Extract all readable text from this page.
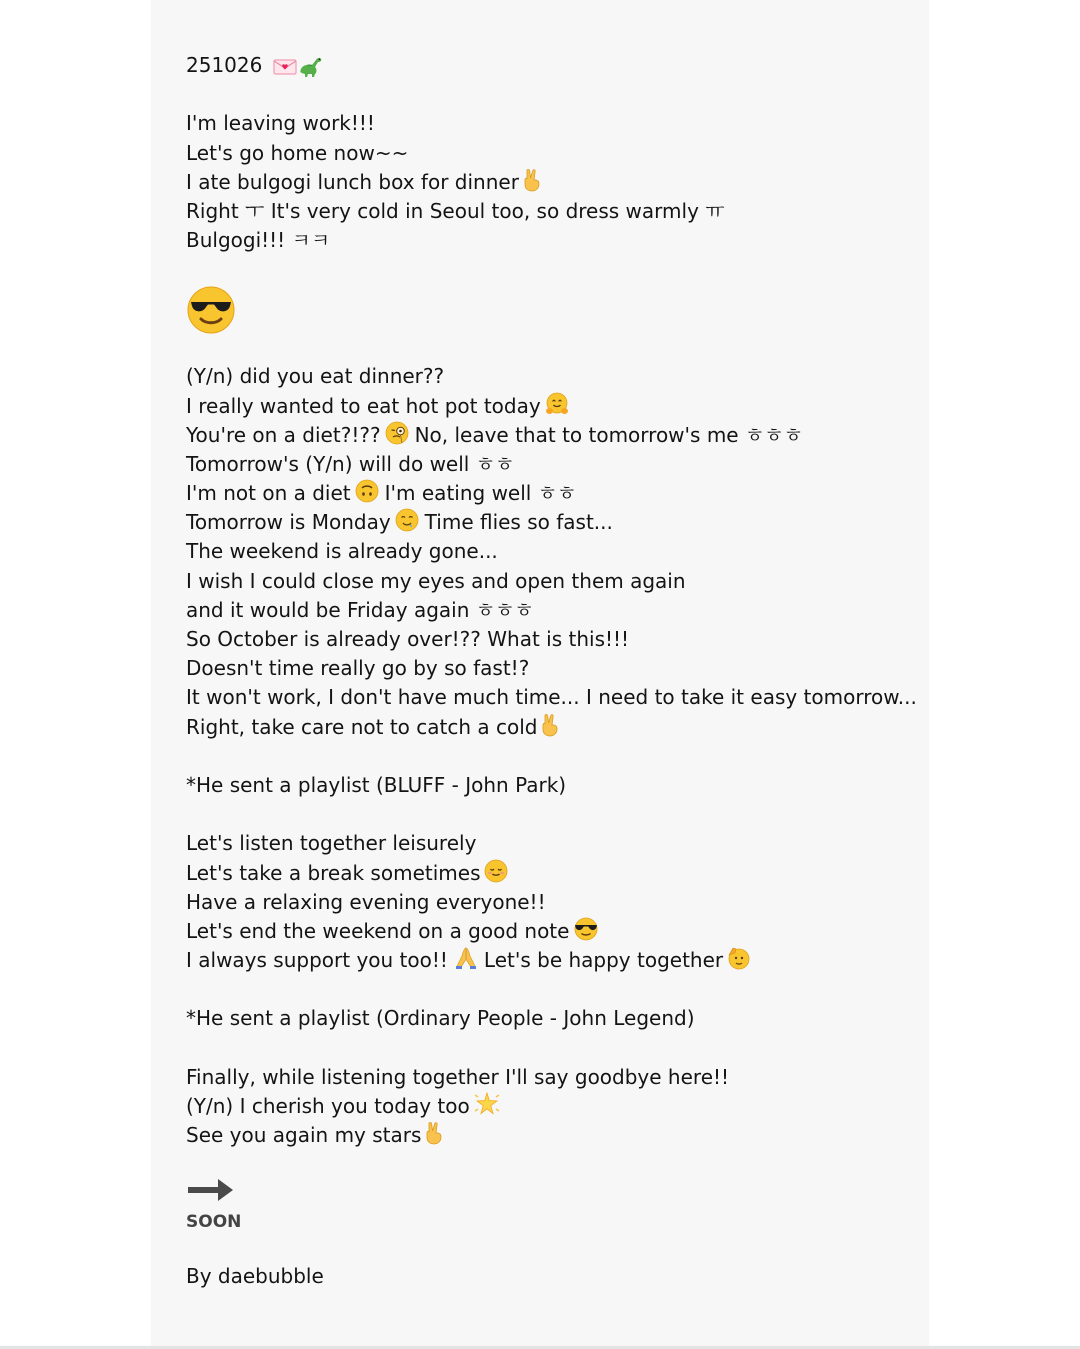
251026
I'm leaving work!!!
Let's go home now~~
I ate bulgogi lunch box for dinner
Right ㅜ It's very cold in Seoul too, so dress warmly ㅠ
Bulgogi!!! ㅋㅋ
(Y/n) did you eat dinner??
I really wanted to eat hot pot today
You're on a diet?!?? No, leave that to tomorrow's me ㅎㅎㅎ
Tomorrow's (Y/n) will do well ㅎㅎ
I'm not on a diet I'm eating well ㅎㅎ
Tomorrow is Monday Time flies so fast...
The weekend is already gone...
I wish I could close my eyes and open them again
and it would be Friday again ㅎㅎㅎ
So October is already over!?? What is this!!!
Doesn't time really go by so fast!?
It won't work, I don't have much time... I need to take it easy tomorrow...
Right, take care not to catch a cold
*He sent a playlist (BLUFF - John Park)
Let's listen together leisurely
Let's take a break sometimes
Have a relaxing evening everyone!!
Let's end the weekend on a good note
I always support you too!! Let's be happy together
*He sent a playlist (Ordinary People - John Legend)
Finally, while listening together I'll say goodbye here!!
(Y/n) I cherish you today too
See you again my stars
SOON
By daebubble
